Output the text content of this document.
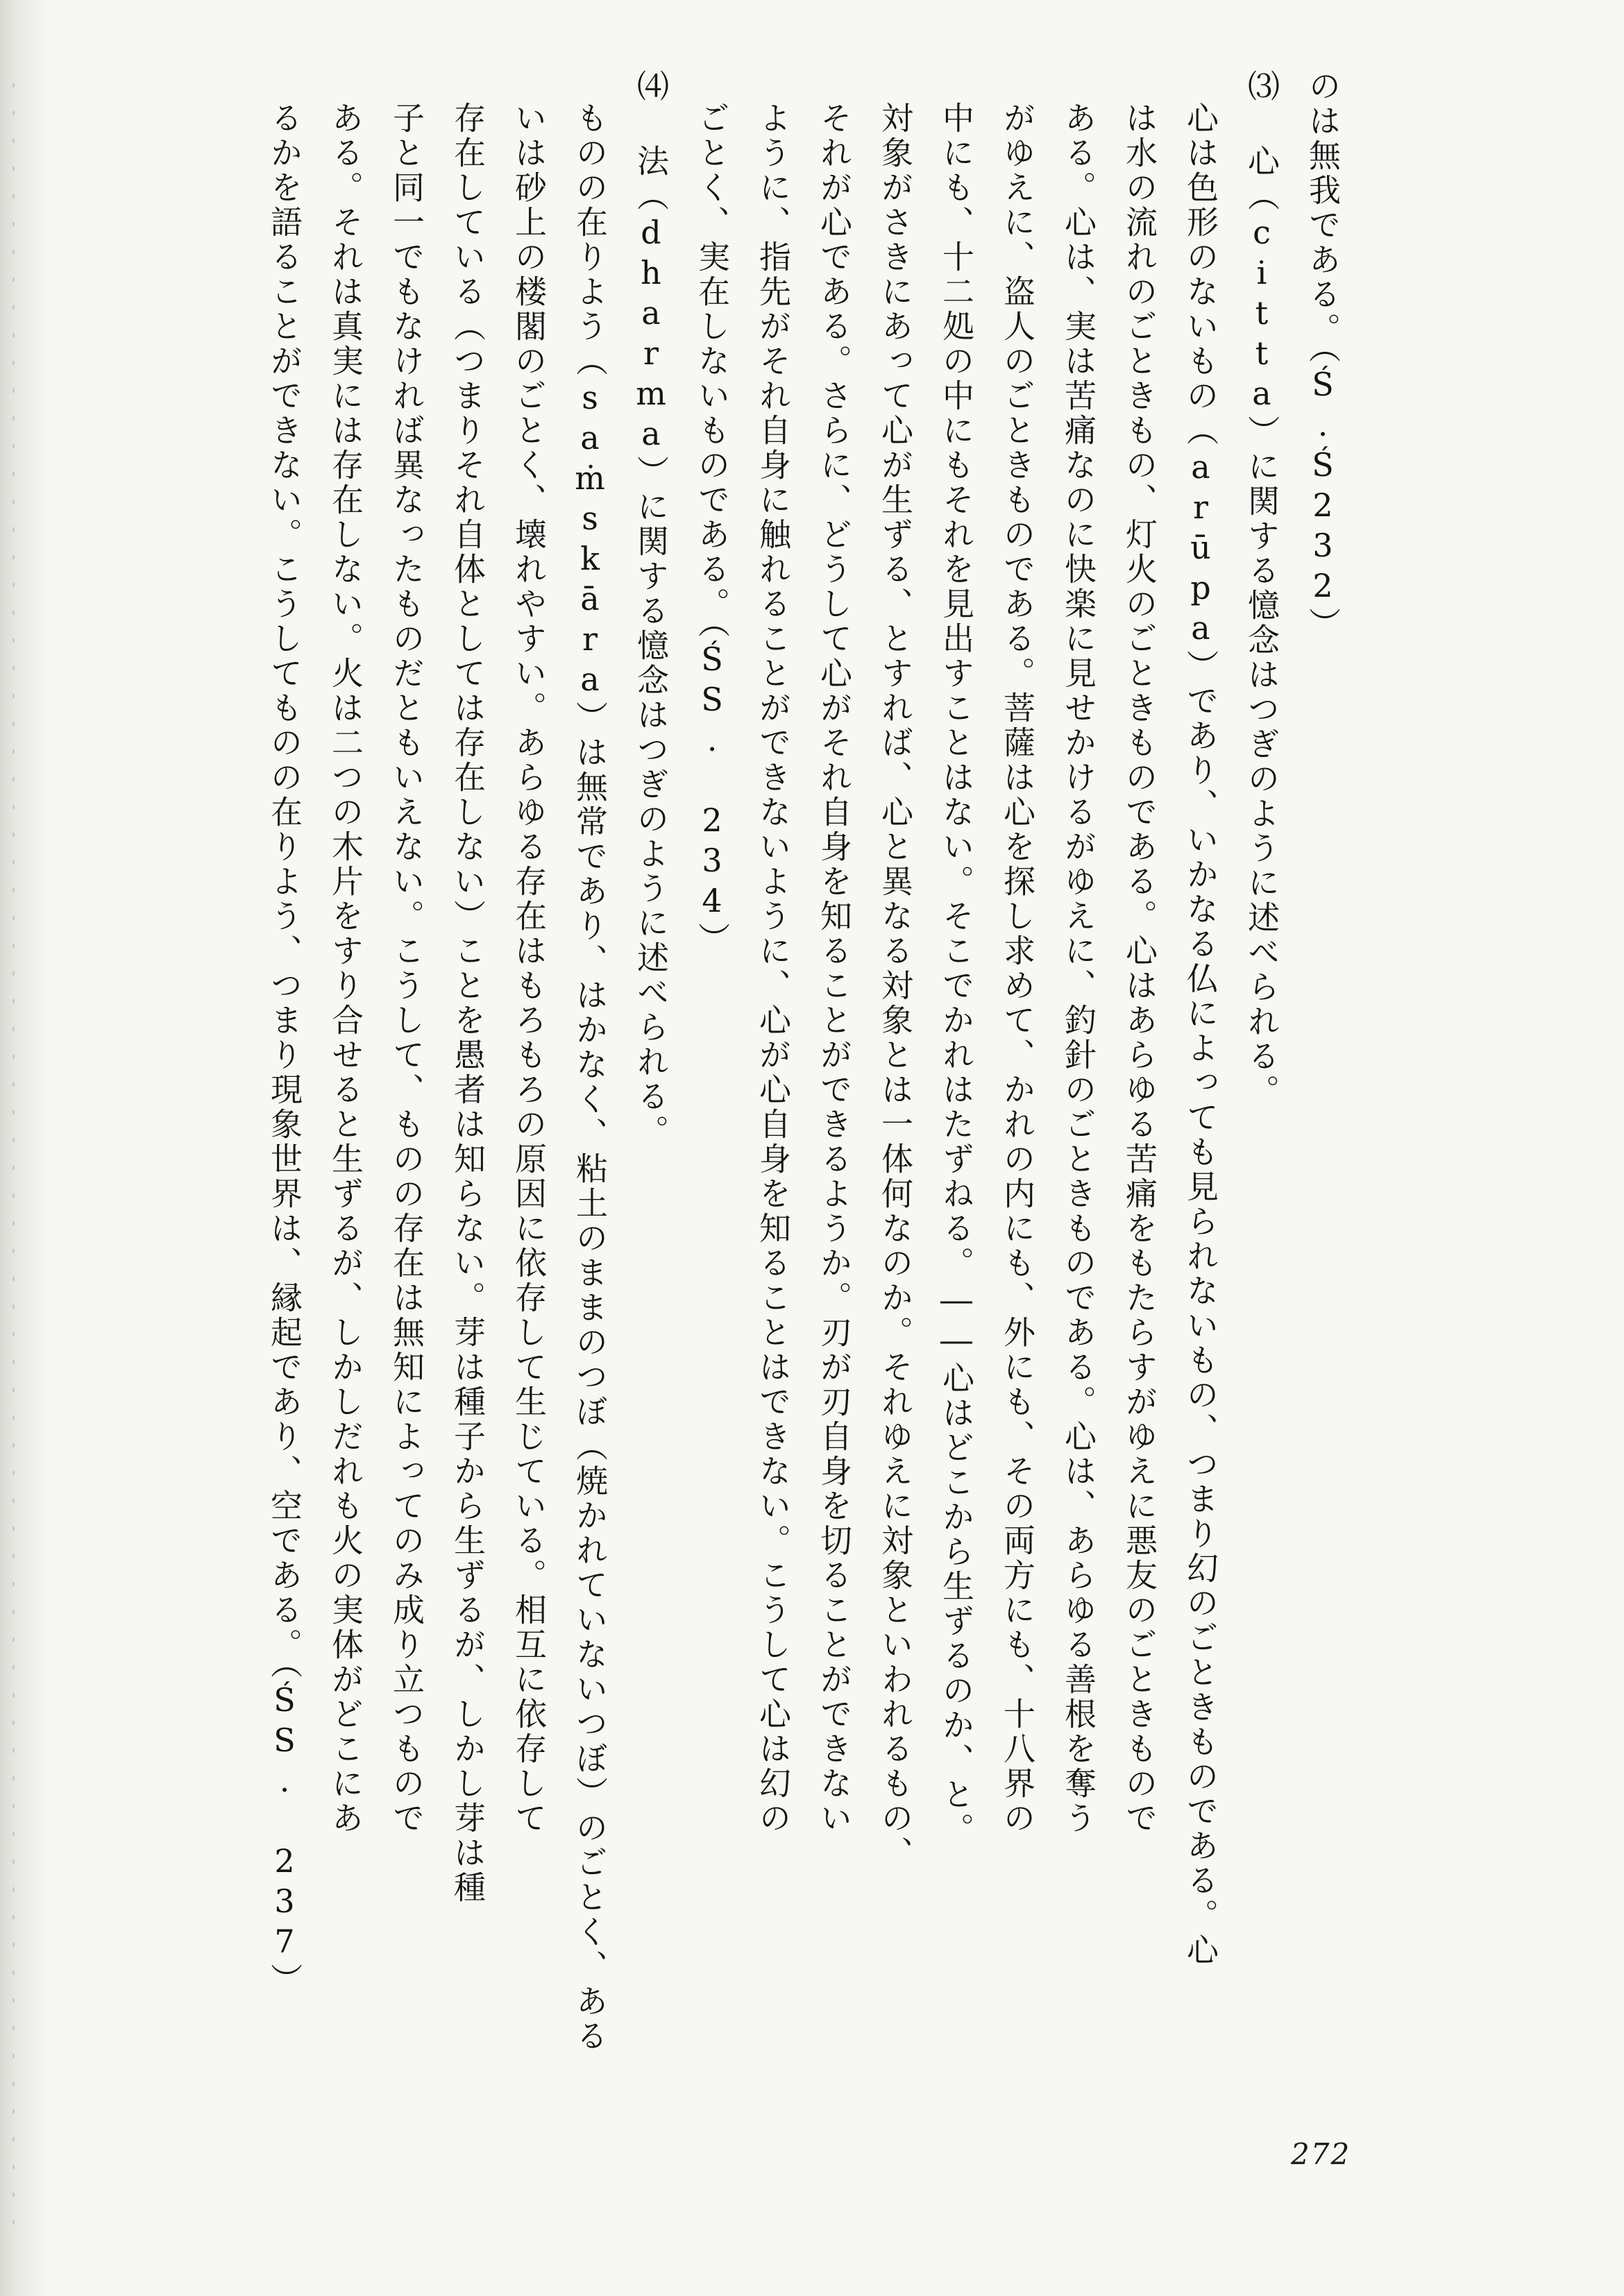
のは無我である。（Ś.Ś232）
⑶ 心（citta）に関する憶念はつぎのように述べられる。
心は色形のないもの（arūpa）であり、いかなる仏によっても見られないもの、つまり幻のごときものである。心
は水の流れのごときもの、灯火のごときものである。心はあらゆる苦痛をもたらすがゆえに悪友のごときもので
ある。心は、実は苦痛なのに快楽に見せかけるがゆえに、釣針のごときものである。心は、あらゆる善根を奪う
がゆえに、盗人のごときものである。菩薩は心を探し求めて、かれの内にも、外にも、その両方にも、十八界の
中にも、十二処の中にもそれを見出すことはない。そこでかれはたずねる。――心はどこから生ずるのか、と。
対象がさきにあって心が生ずる、とすれば、心と異なる対象とは一体何なのか。それゆえに対象といわれるもの、
それが心である。さらに、どうして心がそれ自身を知ることができるようか。刃が刃自身を切ることができない
ように、指先がそれ自身に触れることができないように、心が心自身を知ることはできない。こうして心は幻の
ごとく、実在しないものである。（ŚS. 234）
⑷ 法（dharma）に関する憶念はつぎのように述べられる。
ものの在りよう（saṁskāra）は無常であり、はかなく、粘土のままのつぼ（焼かれていないつぼ）のごとく、ある
いは砂上の楼閣のごとく、壊れやすい。あらゆる存在はもろもろの原因に依存して生じている。相互に依存して
存在している（つまりそれ自体としては存在しない）ことを愚者は知らない。芽は種子から生ずるが、しかし芽は種
子と同一でもなければ異なったものだともいえない。こうして、ものの存在は無知によってのみ成り立つもので
ある。それは真実には存在しない。火は二つの木片をすり合せると生ずるが、しかしだれも火の実体がどこにあ
るかを語ることができない。こうしてものの在りよう、つまり現象世界は、縁起であり、空である。（ŚS. 237）
272
